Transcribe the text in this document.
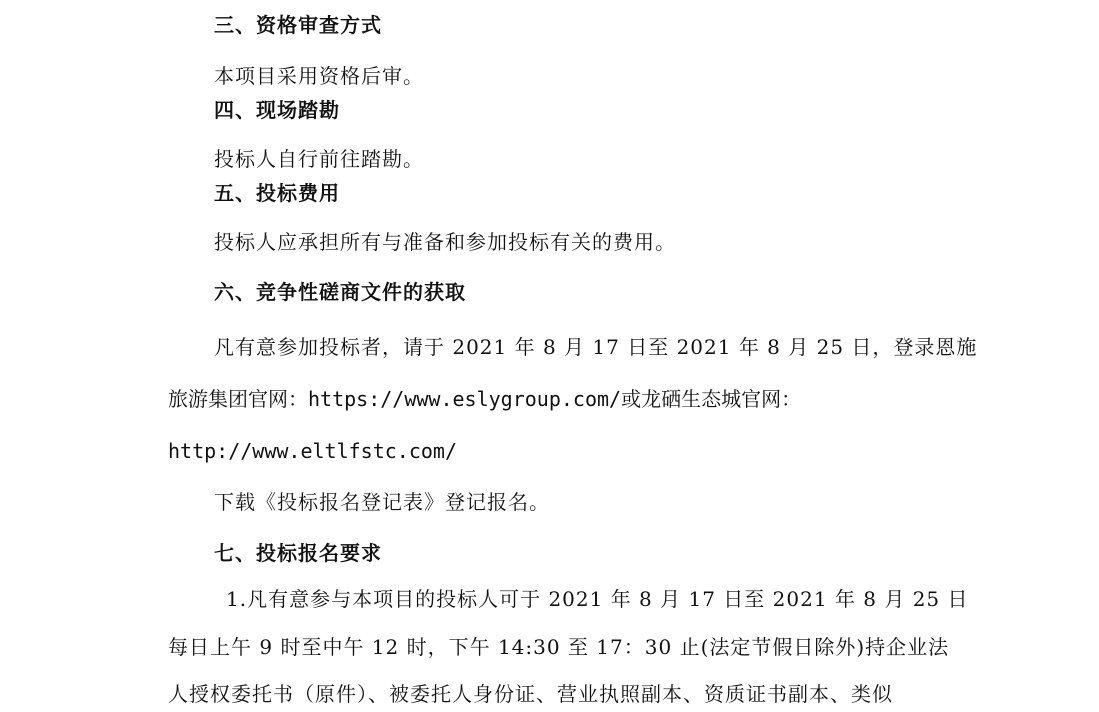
三、资格审查方式
本项目采用资格后审。
四、现场踏勘
投标人自行前往踏勘。
五、投标费用
投标人应承担所有与准备和参加投标有关的费用。
六、竞争性磋商文件的获取
凡有意参加投标者，请于 2021 年 8 月 17 日至 2021 年 8 月 25 日，登录恩施
旅游集团官网：https://www.eslygroup.com/或龙硒生态城官网：
http://www.eltlfstc.com/
下载《投标报名登记表》登记报名。
七、投标报名要求
1.凡有意参与本项目的投标人可于 2021 年 8 月 17 日至 2021 年 8 月 25 日
每日上午 9 时至中午 12 时，下午 14:30 至 17：30 止(法定节假日除外)持企业法
人授权委托书（原件）、被委托人身份证、营业执照副本、资质证书副本、类似
